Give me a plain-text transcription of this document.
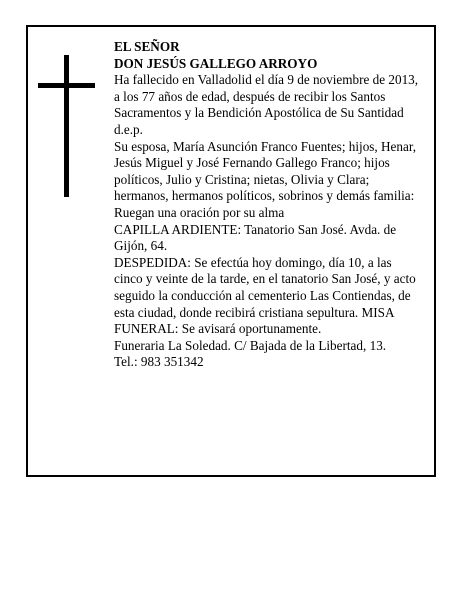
EL SEÑOR

DON JESÚS GALLEGO ARROYO

Ha fallecido en Valladolid el día 9 de noviembre de 2013, a los 77 años de edad, después de recibir los Santos Sacramentos y la Bendición Apostólica de Su Santidad

d.e.p.

Su esposa, María Asunción Franco Fuentes; hijos, Henar, Jesús Miguel y José Fernando Gallego Franco; hijos políticos, Julio y Cristina; nietas, Olivia y Clara; hermanos, hermanos políticos, sobrinos y demás familia:

Ruegan una oración por su alma

CAPILLA ARDIENTE: Tanatorio San José. Avda. de Gijón, 64.

DESPEDIDA: Se efectúa hoy domingo, día 10, a las cinco y veinte de la tarde, en el tanatorio San José, y acto seguido la conducción al cementerio Las Contiendas, de esta ciudad, donde recibirá cristiana sepultura. MISA FUNERAL: Se avisará oportunamente.

Funeraria La Soledad. C/ Bajada de la Libertad, 13.

Tel.: 983 351342
